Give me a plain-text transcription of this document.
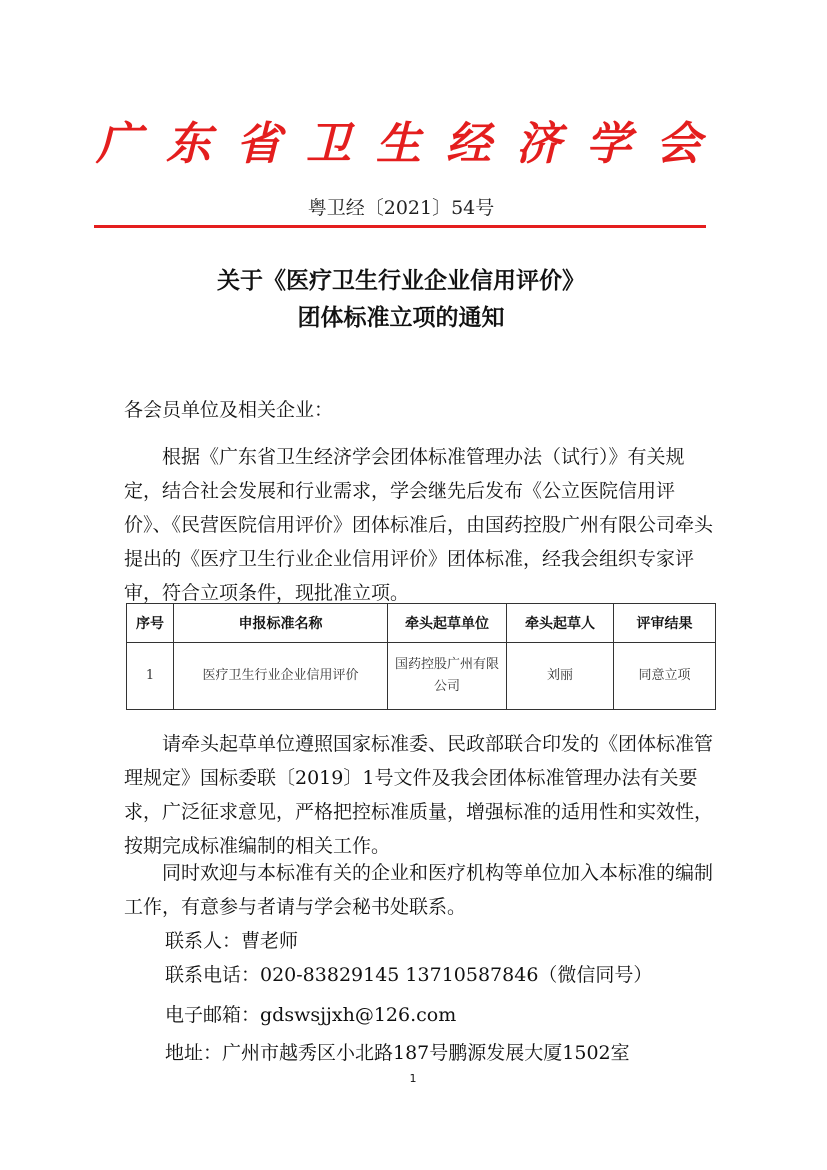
广东省卫生经济学会
粤卫经〔2021〕54号
关于《医疗卫生行业企业信用评价》
团体标准立项的通知
各会员单位及相关企业：
根据《广东省卫生经济学会团体标准管理办法（试行）》有关规定，结合社会发展和行业需求，学会继先后发布《公立医院信用评价》、《民营医院信用评价》团体标准后，由国药控股广州有限公司牵头提出的《医疗卫生行业企业信用评价》团体标准，经我会组织专家评审，符合立项条件，现批准立项。
序号	申报标准名称	牵头起草单位	牵头起草人	评审结果
1	医疗卫生行业企业信用评价	国药控股广州有限公司	刘丽	同意立项
请牵头起草单位遵照国家标准委、民政部联合印发的《团体标准管理规定》国标委联〔2019〕1号文件及我会团体标准管理办法有关要求，广泛征求意见，严格把控标准质量，增强标准的适用性和实效性，按期完成标准编制的相关工作。
同时欢迎与本标准有关的企业和医疗机构等单位加入本标准的编制工作，有意参与者请与学会秘书处联系。
联系人：曹老师
联系电话：020-83829145 13710587846（微信同号）
电子邮箱：gdswsjjxh@126.com
地址：广州市越秀区小北路187号鹏源发展大厦1502室
1
